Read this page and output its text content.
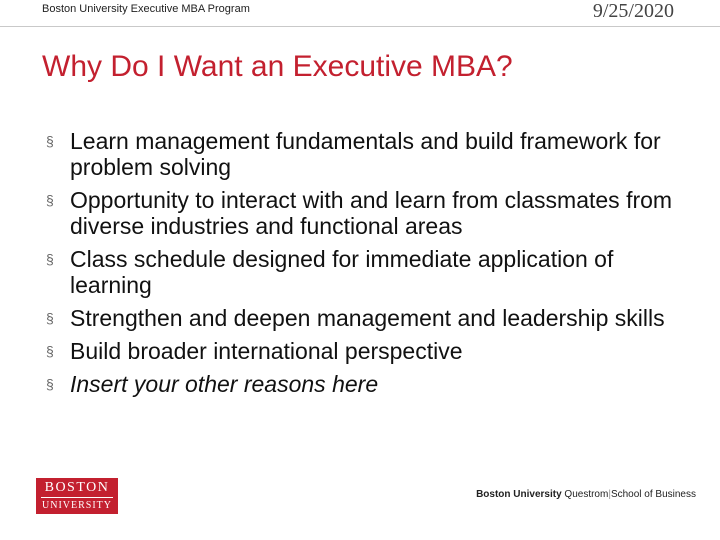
Boston University Executive MBA Program	9/25/2020
Why Do I Want an Executive MBA?
§ Learn management fundamentals and build framework for problem solving
§ Opportunity to interact with and learn from classmates from diverse industries and functional areas
§ Class schedule designed for immediate application of learning
§ Strengthen and deepen management and leadership skills
§ Build broader international perspective
§ Insert your other reasons here
BOSTON
UNIVERSITY
Boston University Questrom|School of Business
